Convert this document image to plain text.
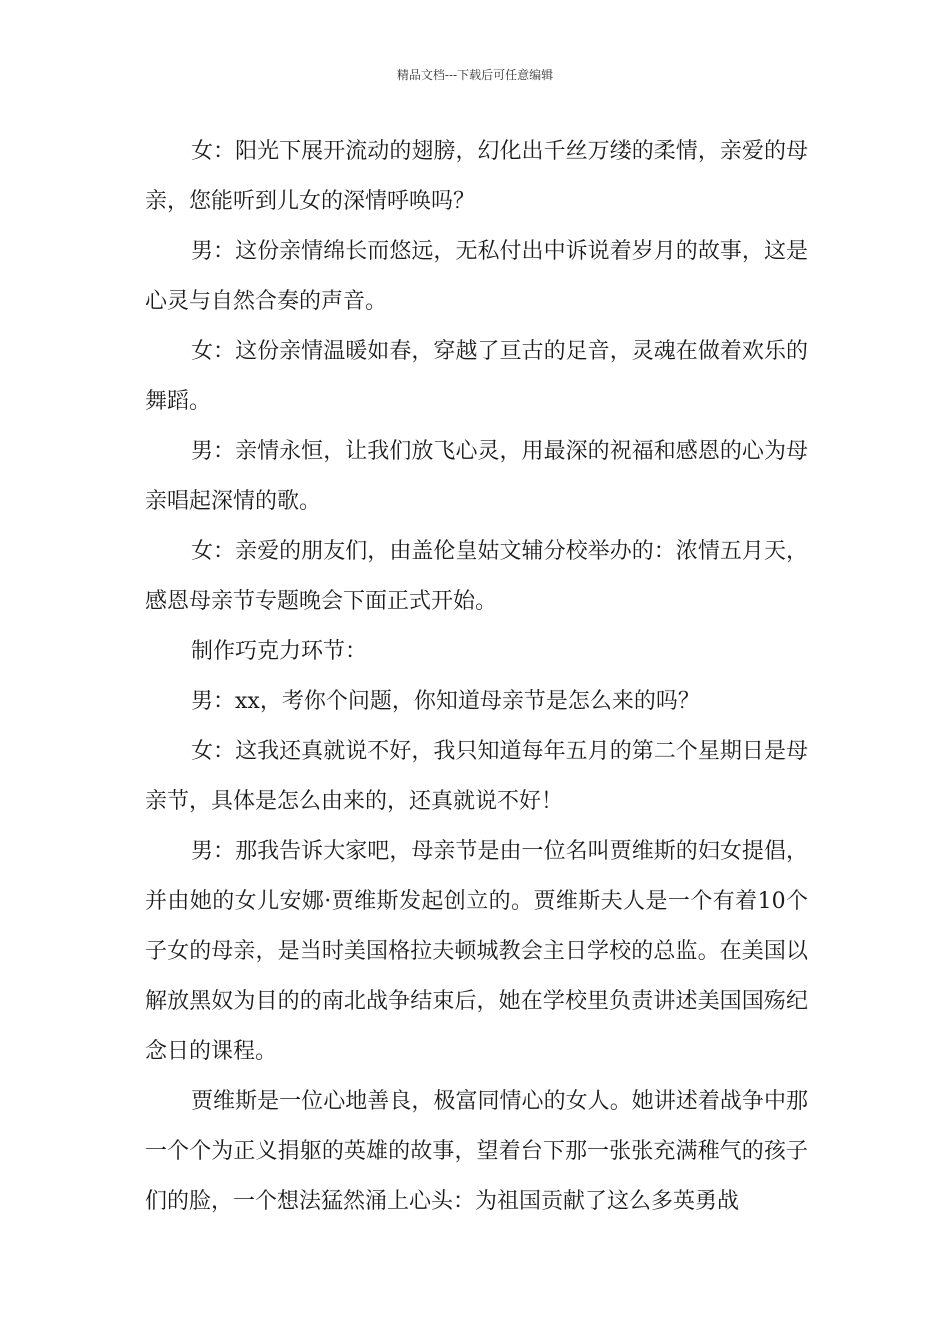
精品文档---下载后可任意编辑

女：阳光下展开流动的翅膀，幻化出千丝万缕的柔情，亲爱的母亲，您能听到儿女的深情呼唤吗？

男：这份亲情绵长而悠远，无私付出中诉说着岁月的故事，这是心灵与自然合奏的声音。

女：这份亲情温暖如春，穿越了亘古的足音，灵魂在做着欢乐的舞蹈。

男：亲情永恒，让我们放飞心灵，用最深的祝福和感恩的心为母亲唱起深情的歌。

女：亲爱的朋友们，由盖伦皇姑文辅分校举办的：浓情五月天，感恩母亲节专题晚会下面正式开始。

制作巧克力环节：

男：xx，考你个问题，你知道母亲节是怎么来的吗？

女：这我还真就说不好，我只知道每年五月的第二个星期日是母亲节，具体是怎么由来的，还真就说不好！

男：那我告诉大家吧，母亲节是由一位名叫贾维斯的妇女提倡，并由她的女儿安娜·贾维斯发起创立的。贾维斯夫人是一个有着10个子女的母亲，是当时美国格拉夫顿城教会主日学校的总监。在美国以解放黑奴为目的的南北战争结束后，她在学校里负责讲述美国国殇纪念日的课程。

贾维斯是一位心地善良，极富同情心的女人。她讲述着战争中那一个个为正义捐躯的英雄的故事，望着台下那一张张充满稚气的孩子们的脸，一个想法猛然涌上心头：为祖国贡献了这么多英勇战
